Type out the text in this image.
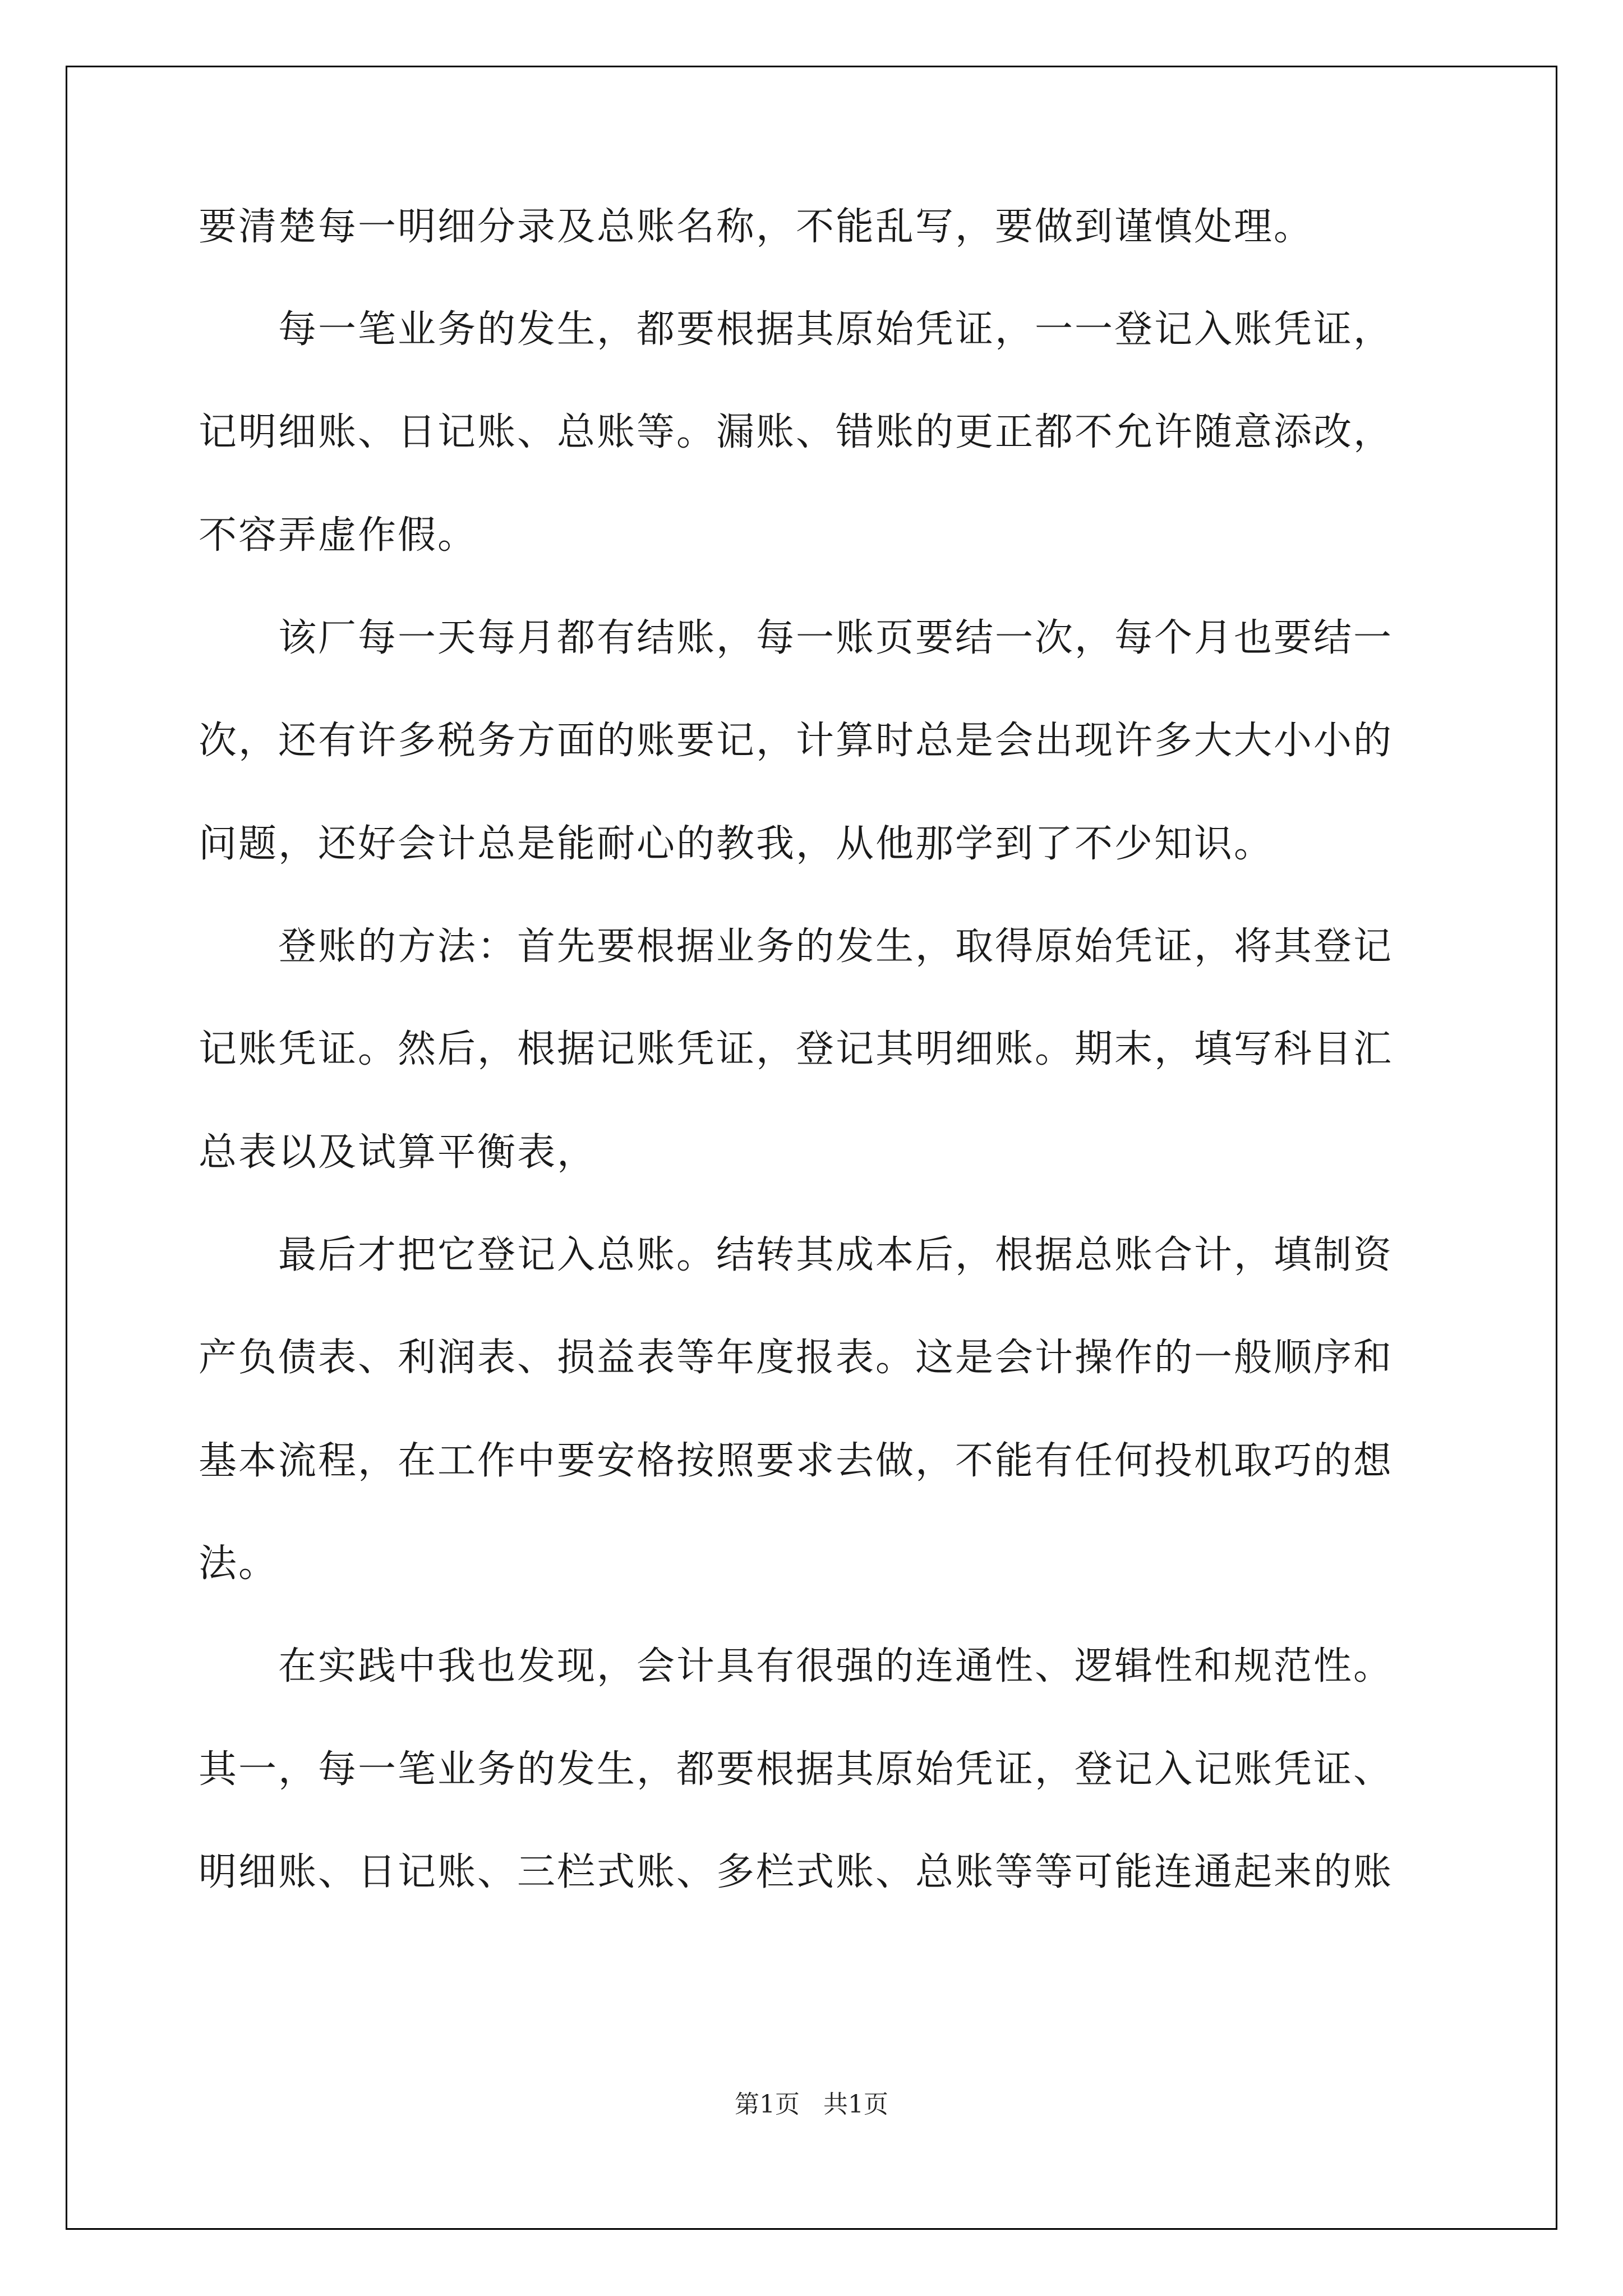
要清楚每一明细分录及总账名称，不能乱写，要做到谨慎处理。
　　每一笔业务的发生，都要根据其原始凭证，一一登记入账凭证，
记明细账、日记账、总账等。漏账、错账的更正都不允许随意添改，
不容弄虚作假。
　　该厂每一天每月都有结账，每一账页要结一次，每个月也要结一
次，还有许多税务方面的账要记，计算时总是会出现许多大大小小的
问题，还好会计总是能耐心的教我，从他那学到了不少知识。
　　登账的方法：首先要根据业务的发生，取得原始凭证，将其登记
记账凭证。然后，根据记账凭证，登记其明细账。期末，填写科目汇
总表以及试算平衡表，
　　最后才把它登记入总账。结转其成本后，根据总账合计，填制资
产负债表、利润表、损益表等年度报表。这是会计操作的一般顺序和
基本流程，在工作中要安格按照要求去做，不能有任何投机取巧的想
法。
　　在实践中我也发现，会计具有很强的连通性、逻辑性和规范性。
其一，每一笔业务的发生，都要根据其原始凭证，登记入记账凭证、
明细账、日记账、三栏式账、多栏式账、总账等等可能连通起来的账
第1页   共1页
